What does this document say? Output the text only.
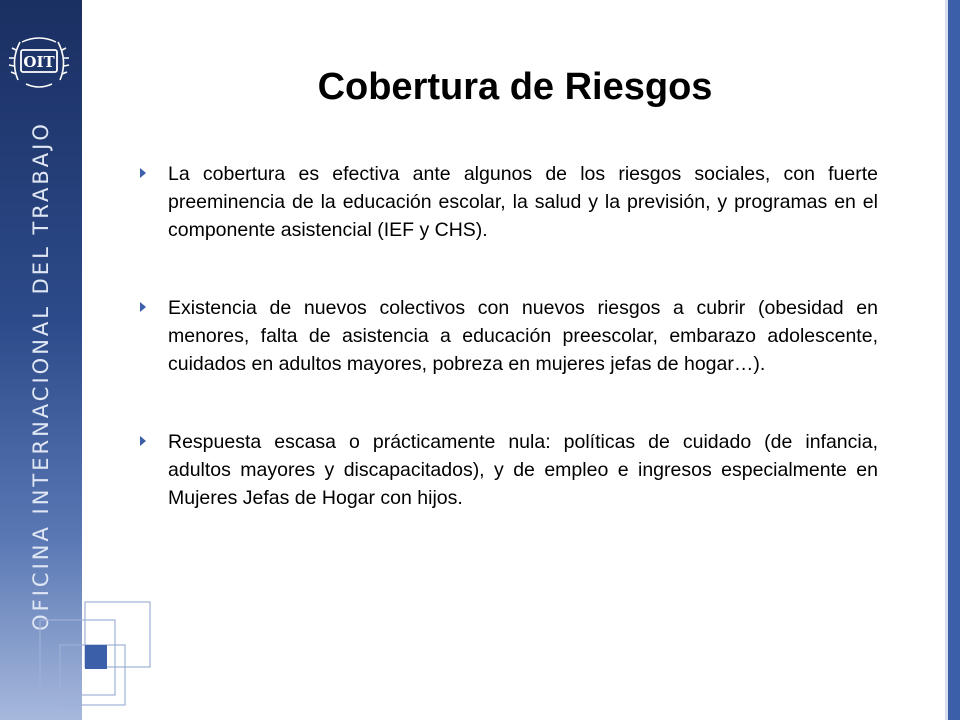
OIT
OFICINA INTERNACIONAL DEL TRABAJO
Cobertura de Riesgos
La cobertura es efectiva ante algunos de los riesgos sociales, con fuerte preeminencia de la educación escolar, la salud y la previsión, y programas en el componente asistencial (IEF y CHS).
Existencia de nuevos colectivos con nuevos riesgos a cubrir (obesidad en menores, falta de asistencia a educación preescolar, embarazo adolescente, cuidados en adultos mayores, pobreza en mujeres jefas de hogar…).
Respuesta escasa o prácticamente nula: políticas de cuidado (de infancia, adultos mayores y discapacitados), y de empleo e ingresos especialmente en Mujeres Jefas de Hogar con hijos.
